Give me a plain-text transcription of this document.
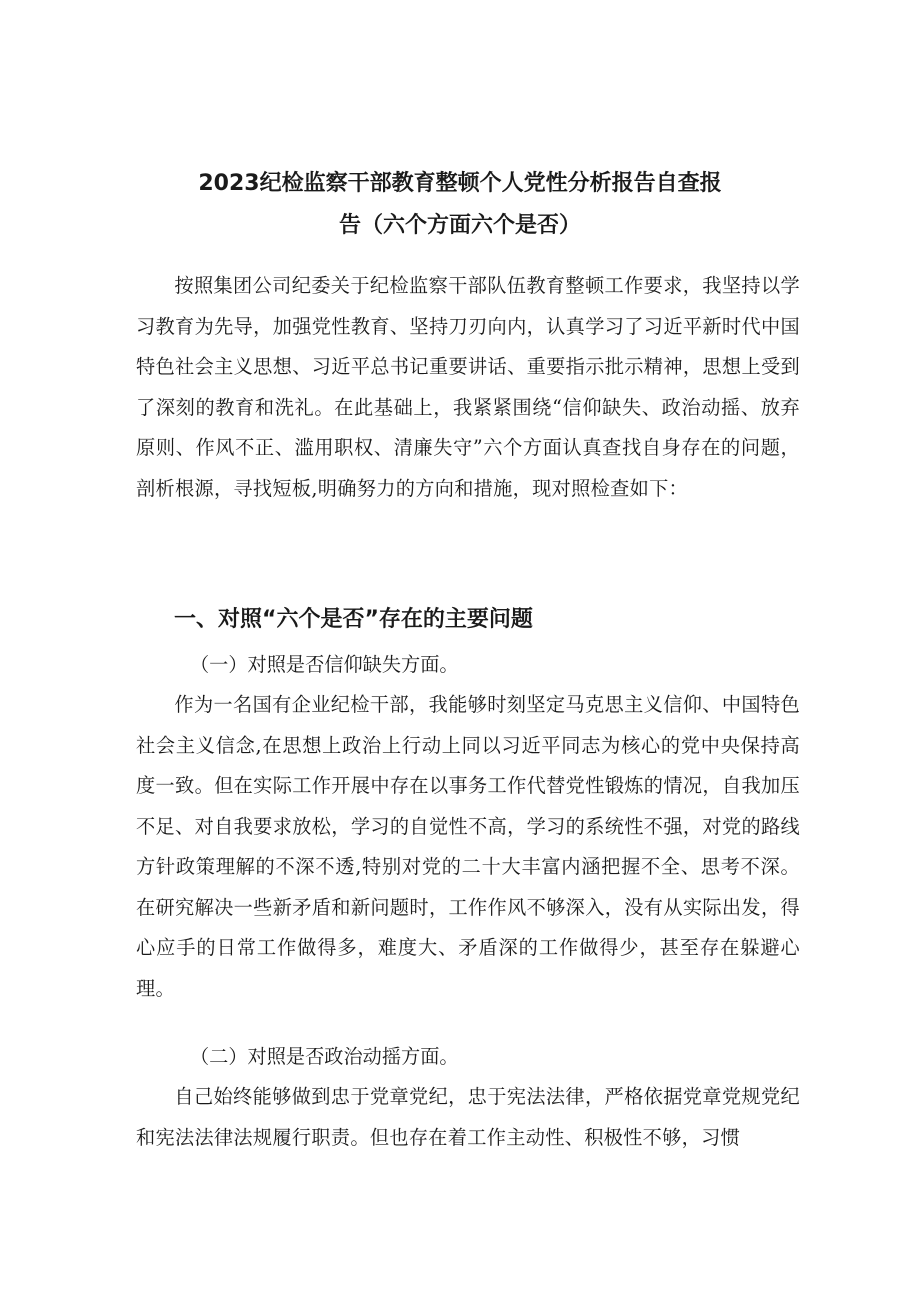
2023纪检监察干部教育整顿个人党性分析报告自查报
告（六个方面六个是否）

按照集团公司纪委关于纪检监察干部队伍教育整顿工作要求，我坚持以学习教育为先导，加强党性教育、坚持刀刃向内，认真学习了习近平新时代中国特色社会主义思想、习近平总书记重要讲话、重要指示批示精神，思想上受到了深刻的教育和洗礼。在此基础上，我紧紧围绕“信仰缺失、政治动摇、放弃原则、作风不正、滥用职权、清廉失守”六个方面认真查找自身存在的问题，剖析根源，寻找短板,明确努力的方向和措施，现对照检查如下：

一、对照“六个是否”存在的主要问题

（一）对照是否信仰缺失方面。

作为一名国有企业纪检干部，我能够时刻坚定马克思主义信仰、中国特色社会主义信念,在思想上政治上行动上同以习近平同志为核心的党中央保持高度一致。但在实际工作开展中存在以事务工作代替党性锻炼的情况，自我加压不足、对自我要求放松，学习的自觉性不高，学习的系统性不强，对党的路线方针政策理解的不深不透,特别对党的二十大丰富内涵把握不全、思考不深。在研究解决一些新矛盾和新问题时，工作作风不够深入，没有从实际出发，得心应手的日常工作做得多，难度大、矛盾深的工作做得少，甚至存在躲避心理。

（二）对照是否政治动摇方面。

自己始终能够做到忠于党章党纪，忠于宪法法律，严格依据党章党规党纪和宪法法律法规履行职责。但也存在着工作主动性、积极性不够，习惯
